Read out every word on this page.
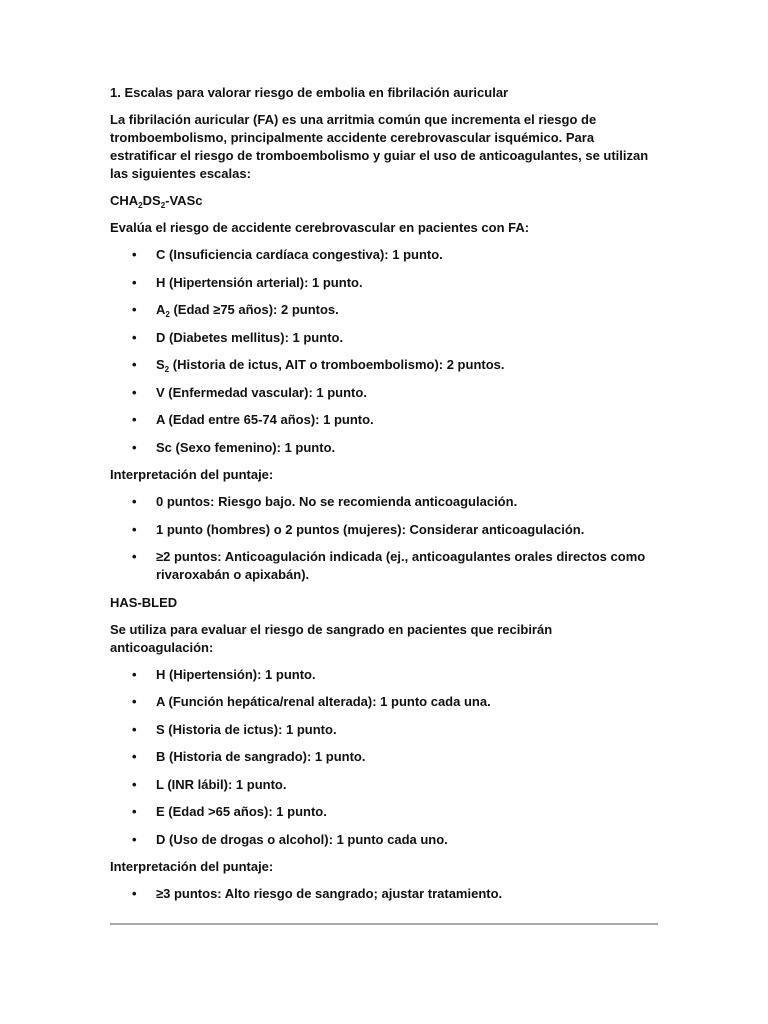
1. Escalas para valorar riesgo de embolia en fibrilación auricular

La fibrilación auricular (FA) es una arritmia común que incrementa el riesgo de tromboembolismo, principalmente accidente cerebrovascular isquémico. Para estratificar el riesgo de tromboembolismo y guiar el uso de anticoagulantes, se utilizan las siguientes escalas:

$CHA_2DS_2$-VASc

Evalúa el riesgo de accidente cerebrovascular en pacientes con FA:

• C (Insuficiencia cardíaca congestiva): 1 punto.
• H (Hipertensión arterial): 1 punto.
• $A_2$ (Edad ≥75 años): 2 puntos.
• D (Diabetes mellitus): 1 punto.
• $S_2$ (Historia de ictus, AIT o tromboembolismo): 2 puntos.
• V (Enfermedad vascular): 1 punto.
• A (Edad entre 65-74 años): 1 punto.
• Sc (Sexo femenino): 1 punto.

Interpretación del puntaje:

• 0 puntos: Riesgo bajo. No se recomienda anticoagulación.
• 1 punto (hombres) o 2 puntos (mujeres): Considerar anticoagulación.
• ≥2 puntos: Anticoagulación indicada (ej., anticoagulantes orales directos como rivaroxabán o apixabán).

HAS-BLED

Se utiliza para evaluar el riesgo de sangrado en pacientes que recibirán anticoagulación:

• H (Hipertensión): 1 punto.
• A (Función hepática/renal alterada): 1 punto cada una.
• S (Historia de ictus): 1 punto.
• B (Historia de sangrado): 1 punto.
• L (INR lábil): 1 punto.
• E (Edad >65 años): 1 punto.
• D (Uso de drogas o alcohol): 1 punto cada uno.

Interpretación del puntaje:

• ≥3 puntos: Alto riesgo de sangrado; ajustar tratamiento.
